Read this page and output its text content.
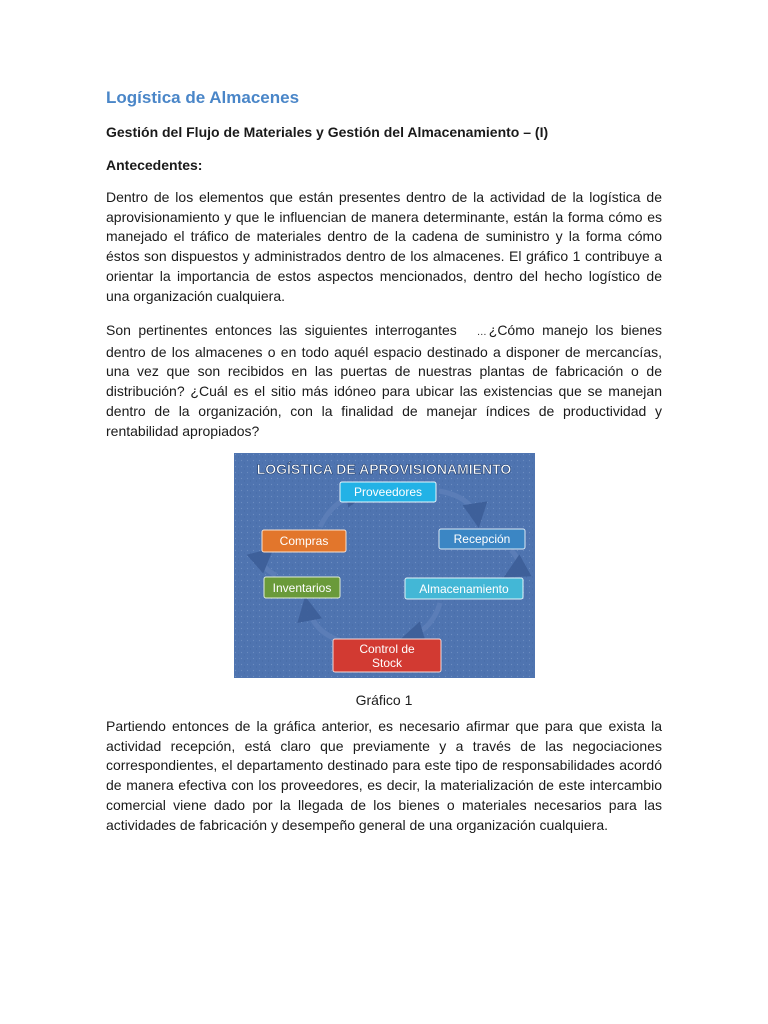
Logística de Almacenes
Gestión del Flujo de Materiales y Gestión del Almacenamiento – (I)
Antecedentes:

Dentro de los elementos que están presentes dentro de la actividad de la logística de aprovisionamiento y que le influencian de manera determinante, están la forma cómo es manejado el tráfico de materiales dentro de la cadena de suministro y la forma cómo éstos son dispuestos y administrados dentro de los almacenes. El gráfico 1 contribuye a orientar la importancia de estos aspectos mencionados, dentro del hecho logístico de una organización cualquiera.

Son pertinentes entonces las siguientes interrogantes … ¿Cómo manejo los bienes dentro de los almacenes o en todo aquél espacio destinado a disponer de mercancías, una vez que son recibidos en las puertas de nuestras plantas de fabricación o de distribución? ¿Cuál es el sitio más idóneo para ubicar las existencias que se manejan dentro de la organización, con la finalidad de manejar índices de productividad y rentabilidad apropiados?

Gráfico 1

Partiendo entonces de la gráfica anterior, es necesario afirmar que para que exista la actividad recepción, está claro que previamente y a través de las negociaciones correspondientes, el departamento destinado para este tipo de responsabilidades acordó de manera efectiva con los proveedores, es decir, la materialización de este intercambio comercial viene dado por la llegada de los bienes o materiales necesarios para las actividades de fabricación y desempeño general de una organización cualquiera.

LOGÍSTICA DE APROVISIONAMIENTO
Proveedores
Recepción
Almacenamiento
Control de
Stock
Inventarios
Compras
